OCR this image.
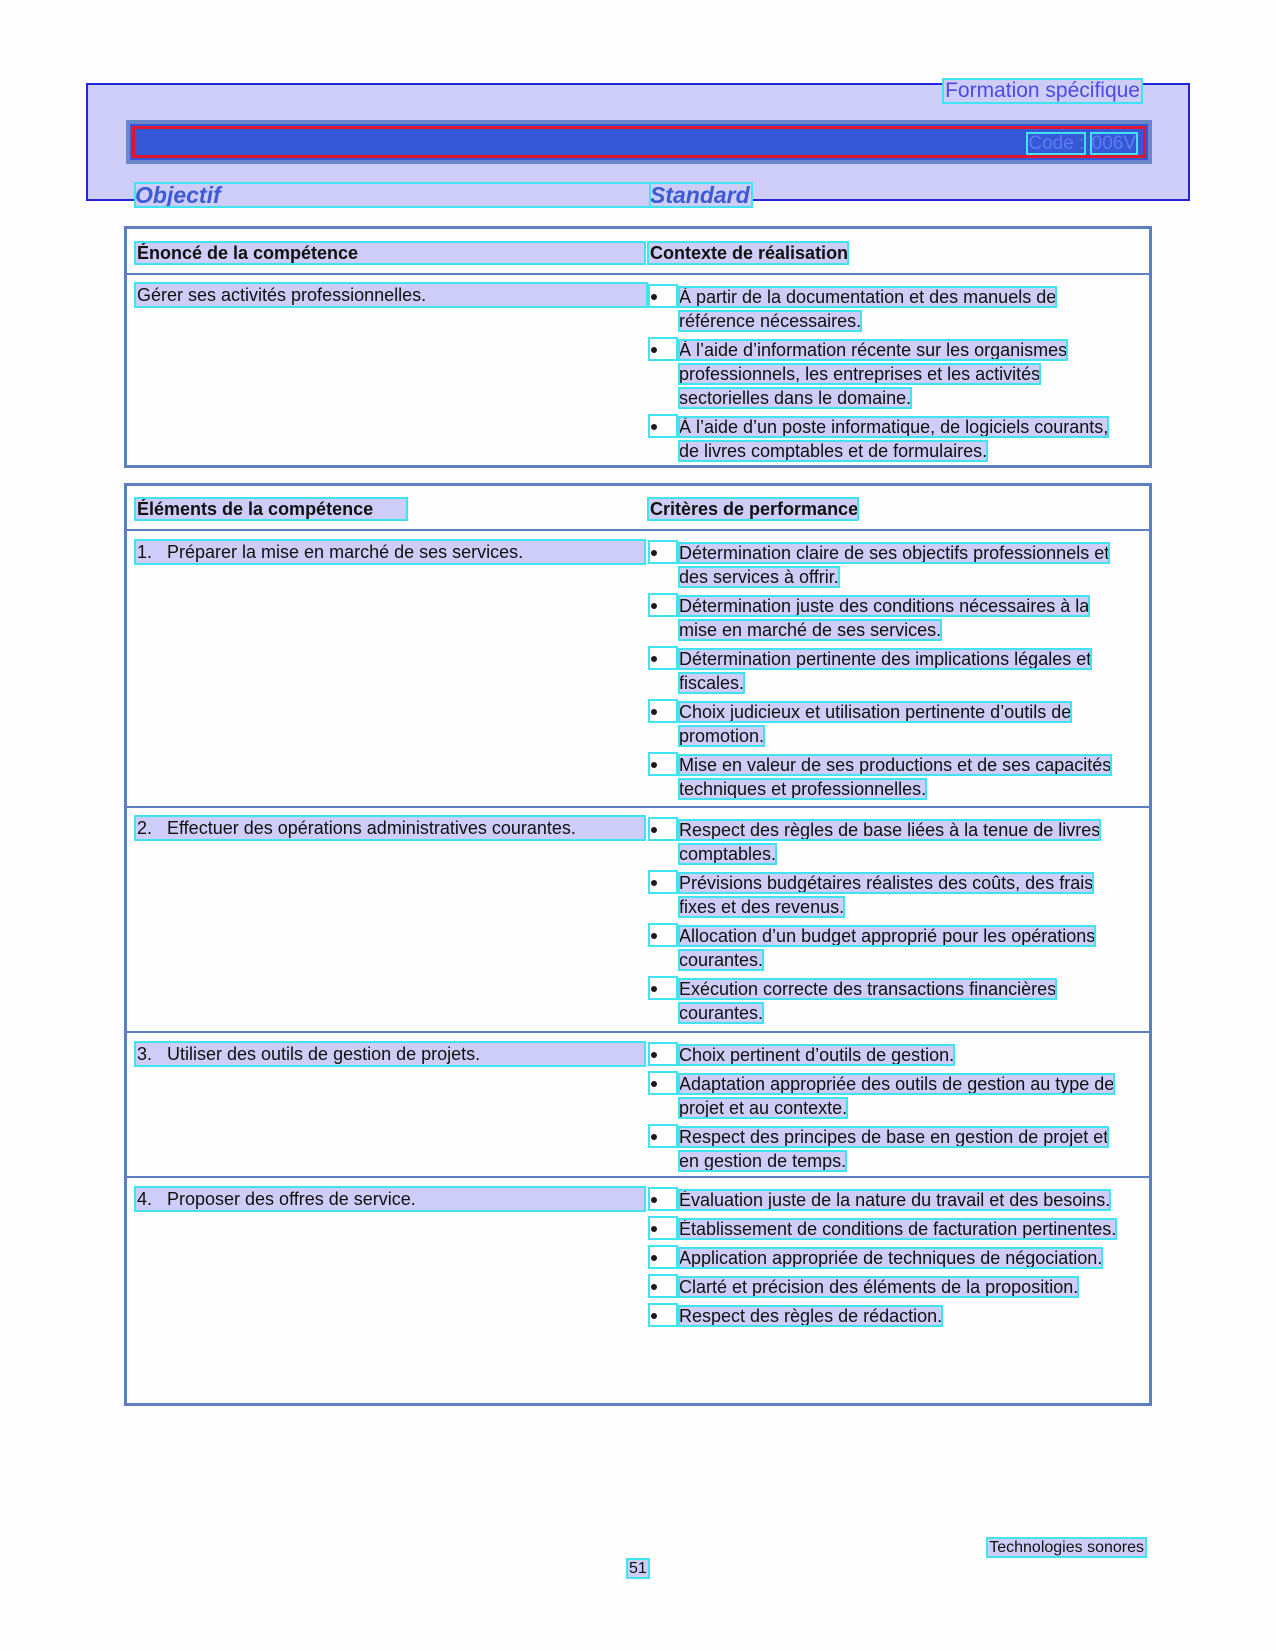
Formation spécifique
Code : 006V
Objectif	Standard
Énoncé de la compétence	Contexte de réalisation
Gérer ses activités professionnelles.	À partir de la documentation et des manuels de référence nécessaires.
À l’aide d’information récente sur les organismes professionnels, les entreprises et les activités sectorielles dans le domaine.
À l’aide d’un poste informatique, de logiciels courants, de livres comptables et de formulaires.
Éléments de la compétence	Critères de performance
1. Préparer la mise en marché de ses services.	Détermination claire de ses objectifs professionnels et des services à offrir.
Détermination juste des conditions nécessaires à la mise en marché de ses services.
Détermination pertinente des implications légales et fiscales.
Choix judicieux et utilisation pertinente d’outils de promotion.
Mise en valeur de ses productions et de ses capacités techniques et professionnelles.
2. Effectuer des opérations administratives courantes.	Respect des règles de base liées à la tenue de livres comptables.
Prévisions budgétaires réalistes des coûts, des frais fixes et des revenus.
Allocation d’un budget approprié pour les opérations courantes.
Exécution correcte des transactions financières courantes.
3. Utiliser des outils de gestion de projets.	Choix pertinent d’outils de gestion.
Adaptation appropriée des outils de gestion au type de projet et au contexte.
Respect des principes de base en gestion de projet et en gestion de temps.
4. Proposer des offres de service.	Évaluation juste de la nature du travail et des besoins.
Établissement de conditions de facturation pertinentes.
Application appropriée de techniques de négociation.
Clarté et précision des éléments de la proposition.
Respect des règles de rédaction.
Technologies sonores
51
